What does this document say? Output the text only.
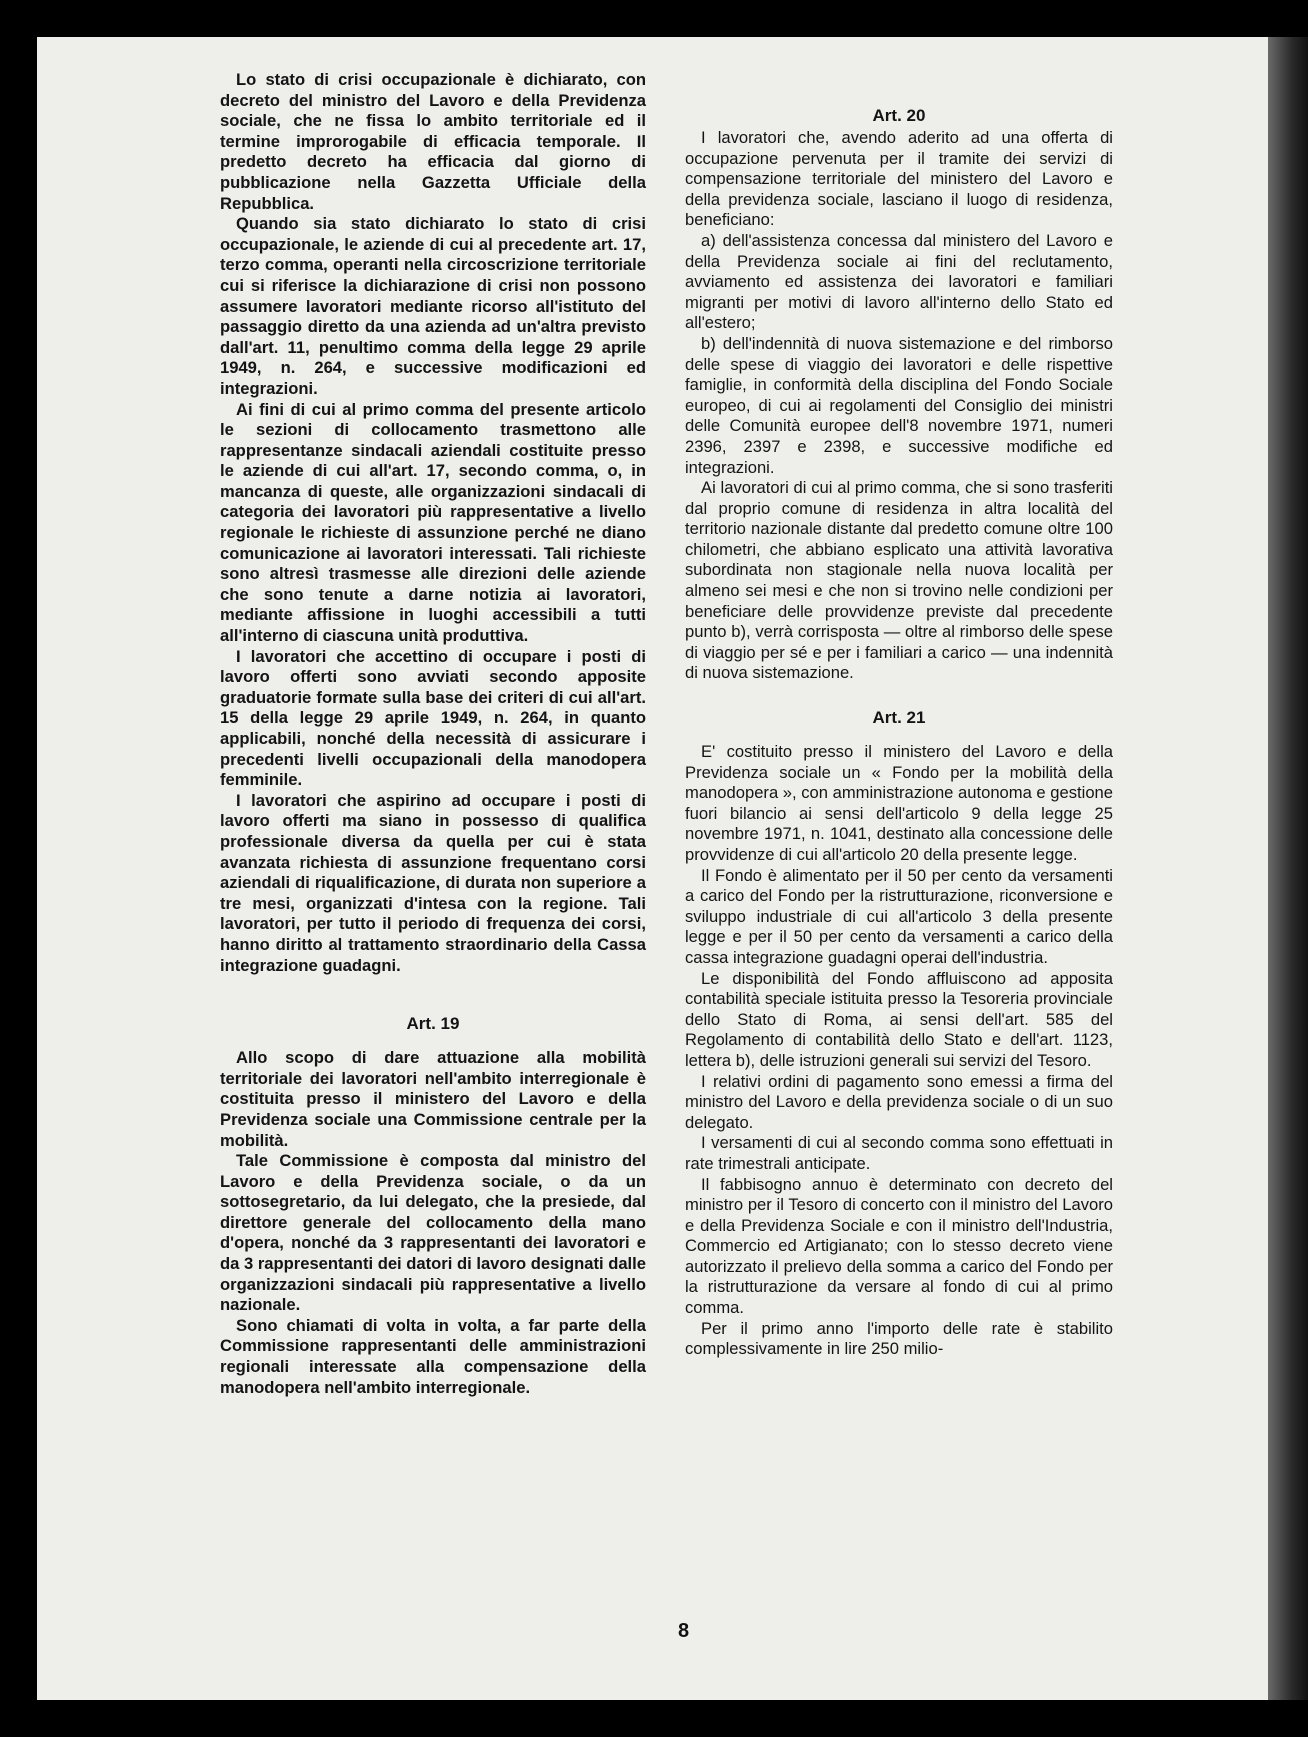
Lo stato di crisi occupazionale è dichiarato, con decreto del ministro del Lavoro e della Previdenza sociale, che ne fissa lo ambito territoriale ed il termine improrogabile di efficacia temporale. Il predetto decreto ha efficacia dal giorno di pubblicazione nella Gazzetta Ufficiale della Repubblica.

Quando sia stato dichiarato lo stato di crisi occupazionale, le aziende di cui al precedente art. 17, terzo comma, operanti nella circoscrizione territoriale cui si riferisce la dichiarazione di crisi non possono assumere lavoratori mediante ricorso all'istituto del passaggio diretto da una azienda ad un'altra previsto dall'art. 11, penultimo comma della legge 29 aprile 1949, n. 264, e successive modificazioni ed integrazioni.

Ai fini di cui al primo comma del presente articolo le sezioni di collocamento trasmettono alle rappresentanze sindacali aziendali costituite presso le aziende di cui all'art. 17, secondo comma, o, in mancanza di queste, alle organizzazioni sindacali di categoria dei lavoratori più rappresentative a livello regionale le richieste di assunzione perché ne diano comunicazione ai lavoratori interessati. Tali richieste sono altresì trasmesse alle direzioni delle aziende che sono tenute a darne notizia ai lavoratori, mediante affissione in luoghi accessibili a tutti all'interno di ciascuna unità produttiva.

I lavoratori che accettino di occupare i posti di lavoro offerti sono avviati secondo apposite graduatorie formate sulla base dei criteri di cui all'art. 15 della legge 29 aprile 1949, n. 264, in quanto applicabili, nonché della necessità di assicurare i precedenti livelli occupazionali della manodopera femminile.

I lavoratori che aspirino ad occupare i posti di lavoro offerti ma siano in possesso di qualifica professionale diversa da quella per cui è stata avanzata richiesta di assunzione frequentano corsi aziendali di riqualificazione, di durata non superiore a tre mesi, organizzati d'intesa con la regione. Tali lavoratori, per tutto il periodo di frequenza dei corsi, hanno diritto al trattamento straordinario della Cassa integrazione guadagni.

Art. 19

Allo scopo di dare attuazione alla mobilità territoriale dei lavoratori nell'ambito interregionale è costituita presso il ministero del Lavoro e della Previdenza sociale una Commissione centrale per la mobilità.

Tale Commissione è composta dal ministro del Lavoro e della Previdenza sociale, o da un sottosegretario, da lui delegato, che la presiede, dal direttore generale del collocamento della mano d'opera, nonché da 3 rappresentanti dei lavoratori e da 3 rappresentanti dei datori di lavoro designati dalle organizzazioni sindacali più rappresentative a livello nazionale.

Sono chiamati di volta in volta, a far parte della Commissione rappresentanti delle amministrazioni regionali interessate alla compensazione della manodopera nell'ambito interregionale.

Art. 20

I lavoratori che, avendo aderito ad una offerta di occupazione pervenuta per il tramite dei servizi di compensazione territoriale del ministero del Lavoro e della previdenza sociale, lasciano il luogo di residenza, beneficiano:

a) dell'assistenza concessa dal ministero del Lavoro e della Previdenza sociale ai fini del reclutamento, avviamento ed assistenza dei lavoratori e familiari migranti per motivi di lavoro all'interno dello Stato ed all'estero;

b) dell'indennità di nuova sistemazione e del rimborso delle spese di viaggio dei lavoratori e delle rispettive famiglie, in conformità della disciplina del Fondo Sociale europeo, di cui ai regolamenti del Consiglio dei ministri delle Comunità europee dell'8 novembre 1971, numeri 2396, 2397 e 2398, e successive modifiche ed integrazioni.

Ai lavoratori di cui al primo comma, che si sono trasferiti dal proprio comune di residenza in altra località del territorio nazionale distante dal predetto comune oltre 100 chilometri, che abbiano esplicato una attività lavorativa subordinata non stagionale nella nuova località per almeno sei mesi e che non si trovino nelle condizioni per beneficiare delle provvidenze previste dal precedente punto b), verrà corrisposta — oltre al rimborso delle spese di viaggio per sé e per i familiari a carico — una indennità di nuova sistemazione.

Art. 21

E' costituito presso il ministero del Lavoro e della Previdenza sociale un « Fondo per la mobilità della manodopera », con amministrazione autonoma e gestione fuori bilancio ai sensi dell'articolo 9 della legge 25 novembre 1971, n. 1041, destinato alla concessione delle provvidenze di cui all'articolo 20 della presente legge.

Il Fondo è alimentato per il 50 per cento da versamenti a carico del Fondo per la ristrutturazione, riconversione e sviluppo industriale di cui all'articolo 3 della presente legge e per il 50 per cento da versamenti a carico della cassa integrazione guadagni operai dell'industria.

Le disponibilità del Fondo affluiscono ad apposita contabilità speciale istituita presso la Tesoreria provinciale dello Stato di Roma, ai sensi dell'art. 585 del Regolamento di contabilità dello Stato e dell'art. 1123, lettera b), delle istruzioni generali sui servizi del Tesoro.

I relativi ordini di pagamento sono emessi a firma del ministro del Lavoro e della previdenza sociale o di un suo delegato.

I versamenti di cui al secondo comma sono effettuati in rate trimestrali anticipate.

Il fabbisogno annuo è determinato con decreto del ministro per il Tesoro di concerto con il ministro del Lavoro e della Previdenza Sociale e con il ministro dell'Industria, Commercio ed Artigianato; con lo stesso decreto viene autorizzato il prelievo della somma a carico del Fondo per la ristrutturazione da versare al fondo di cui al primo comma.

Per il primo anno l'importo delle rate è stabilito complessivamente in lire 250 milio-

8
